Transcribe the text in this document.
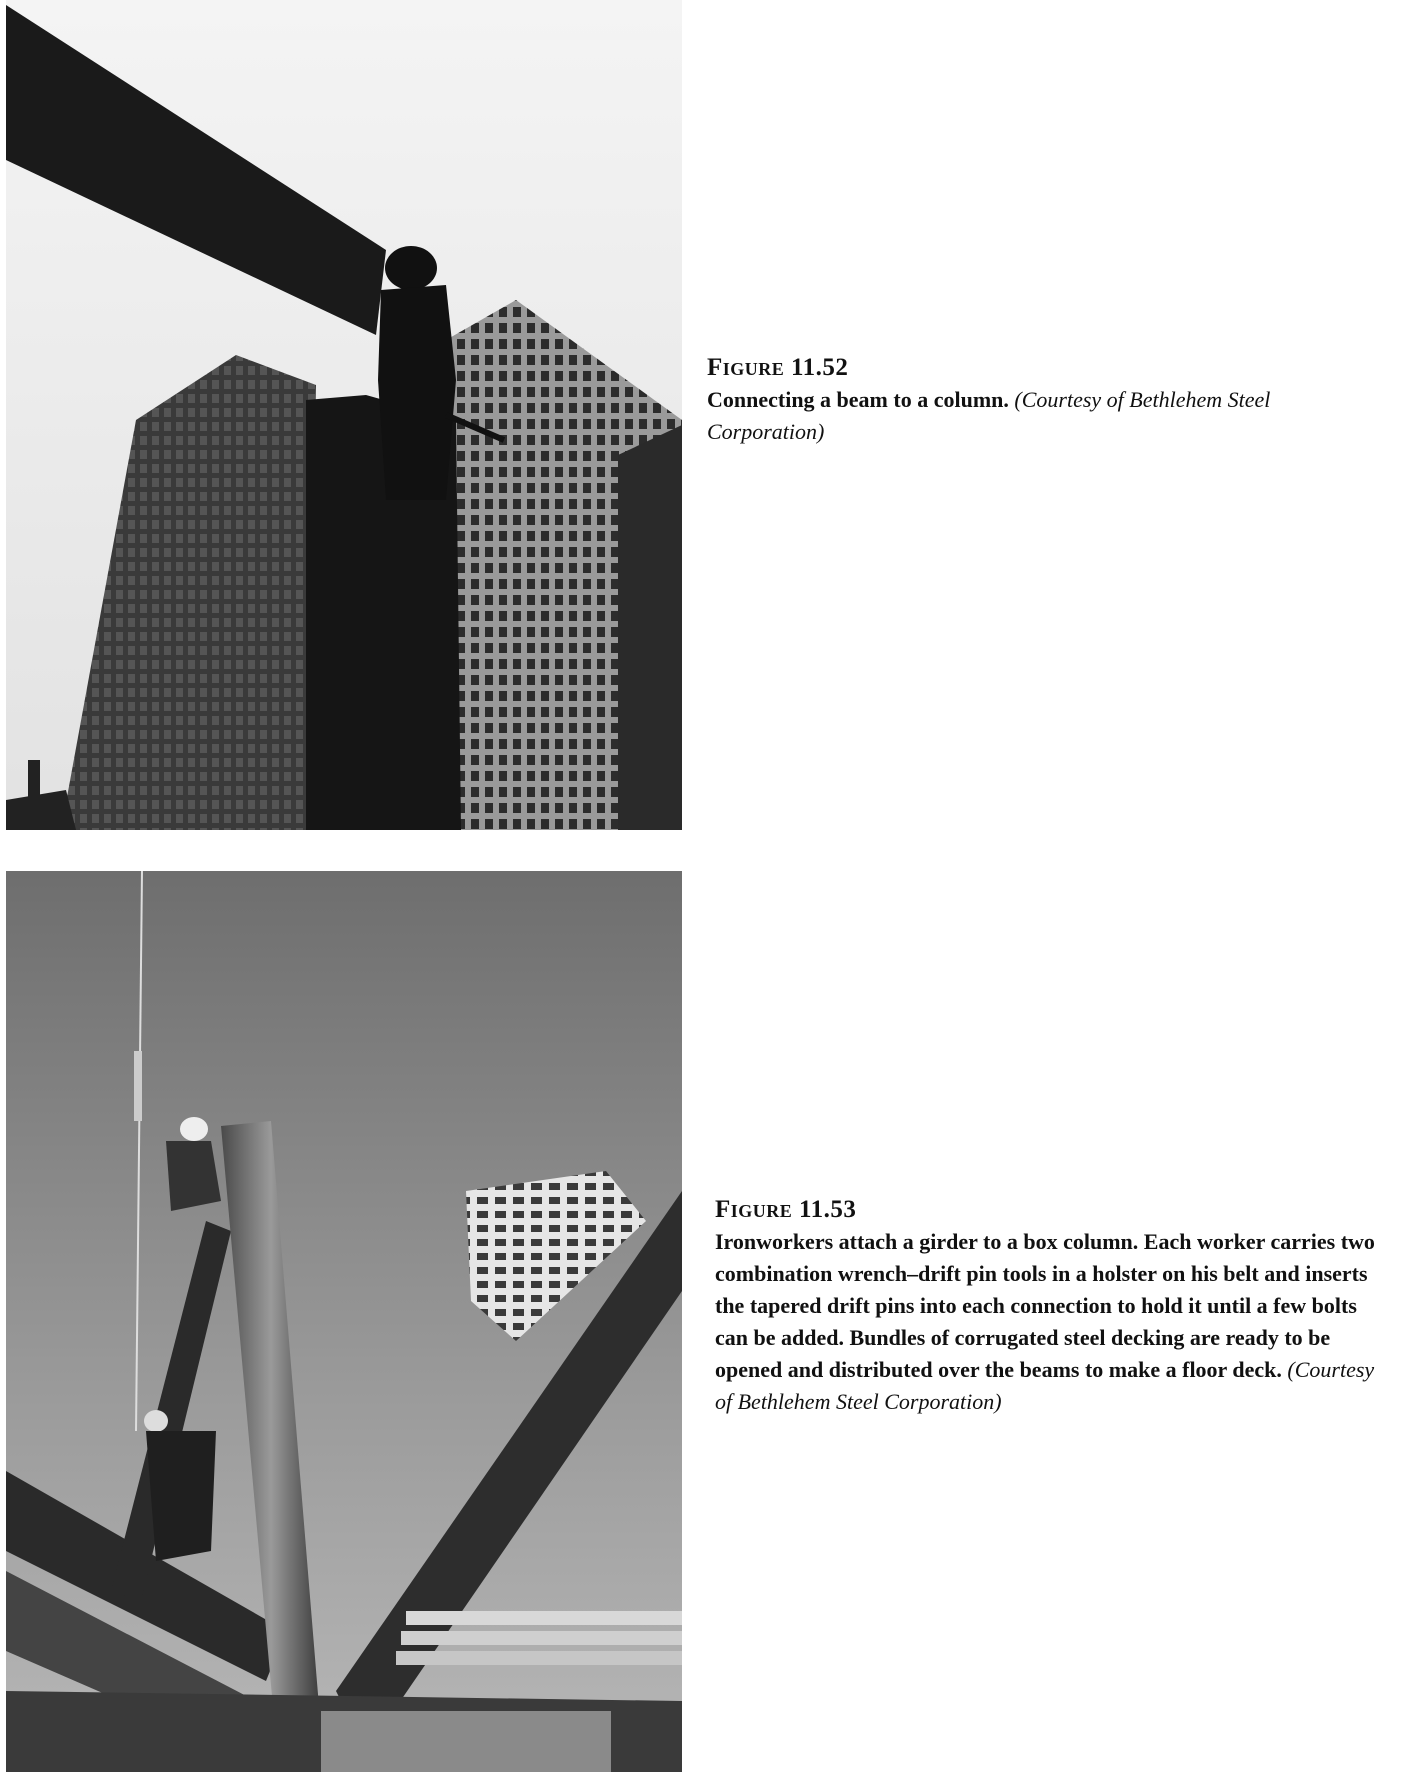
Figure 11.52
Connecting a beam to a column. (Courtesy of Bethlehem Steel Corporation)
Figure 11.53
Ironworkers attach a girder to a box column. Each worker carries two combination wrench–drift pin tools in a holster on his belt and inserts the tapered drift pins into each connection to hold it until a few bolts can be added. Bundles of corrugated steel decking are ready to be opened and distributed over the beams to make a floor deck. (Courtesy of Bethlehem Steel Corporation)
